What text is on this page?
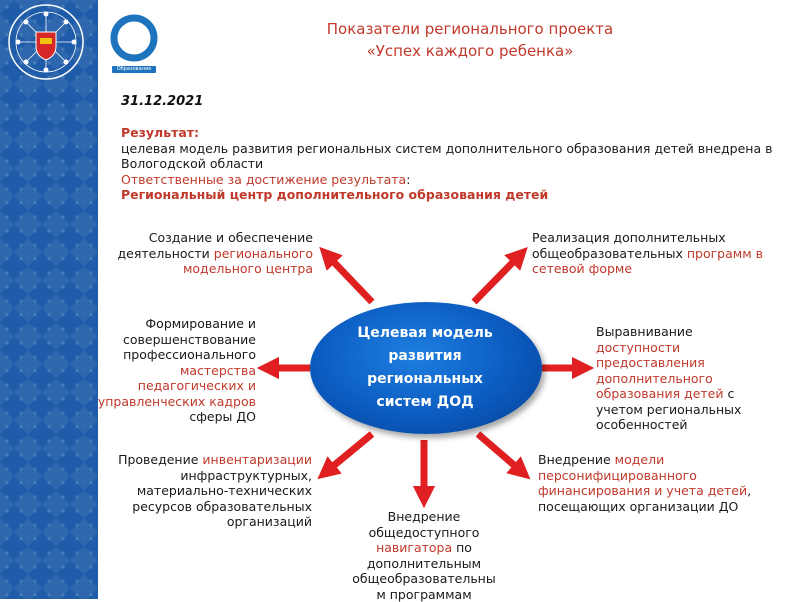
Образование
Показатели регионального проекта
«Успех каждого ребенка»
31.12.2021
Результат:
целевая модель развития региональных систем дополнительного образования детей внедрена в Вологодской области
Ответственные за достижение результата:
Региональный центр дополнительного образования детей
Целевая модель
развития
региональных
систем ДОД
Создание и обеспечение
деятельности регионального
модельного центра
Реализация дополнительных
общеобразовательных программ в
сетевой форме
Формирование и
совершенствование
профессионального
мастерства
педагогических и
управленческих кадров
сферы ДО
Выравнивание
доступности
предоставления
дополнительного
образования детей с
учетом региональных
особенностей
Проведение инвентаризации
инфраструктурных,
материально-технических
ресурсов образовательных
организаций
Внедрение модели
персонифицированного
финансирования и учета детей,
посещающих организации ДО
Внедрение
общедоступного
навигатора по
дополнительным
общеобразовательны
м программам
